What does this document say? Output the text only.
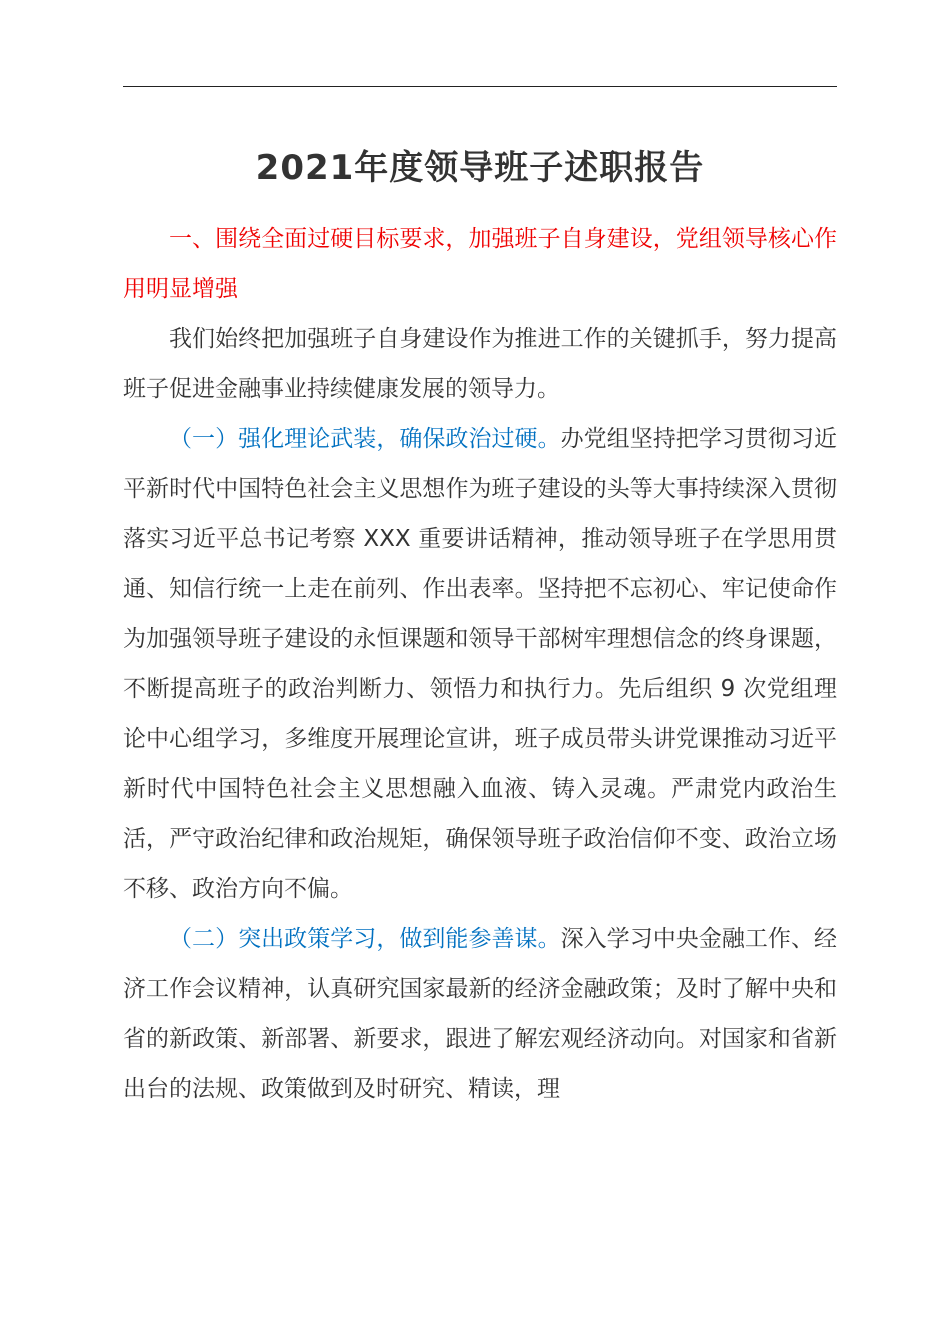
2021年度领导班子述职报告

一、围绕全面过硬目标要求，加强班子自身建设，党组领导核心作用明显增强

我们始终把加强班子自身建设作为推进工作的关键抓手，努力提高班子促进金融事业持续健康发展的领导力。

（一）强化理论武装，确保政治过硬。办党组坚持把学习贯彻习近平新时代中国特色社会主义思想作为班子建设的头等大事持续深入贯彻落实习近平总书记考察 XXX 重要讲话精神，推动领导班子在学思用贯通、知信行统一上走在前列、作出表率。坚持把不忘初心、牢记使命作为加强领导班子建设的永恒课题和领导干部树牢理想信念的终身课题，不断提高班子的政治判断力、领悟力和执行力。先后组织 9 次党组理论中心组学习，多维度开展理论宣讲，班子成员带头讲党课推动习近平新时代中国特色社会主义思想融入血液、铸入灵魂。严肃党内政治生活，严守政治纪律和政治规矩，确保领导班子政治信仰不变、政治立场不移、政治方向不偏。

（二）突出政策学习，做到能参善谋。深入学习中央金融工作、经济工作会议精神，认真研究国家最新的经济金融政策；及时了解中央和省的新政策、新部署、新要求，跟进了解宏观经济动向。对国家和省新出台的法规、政策做到及时研究、精读，理
